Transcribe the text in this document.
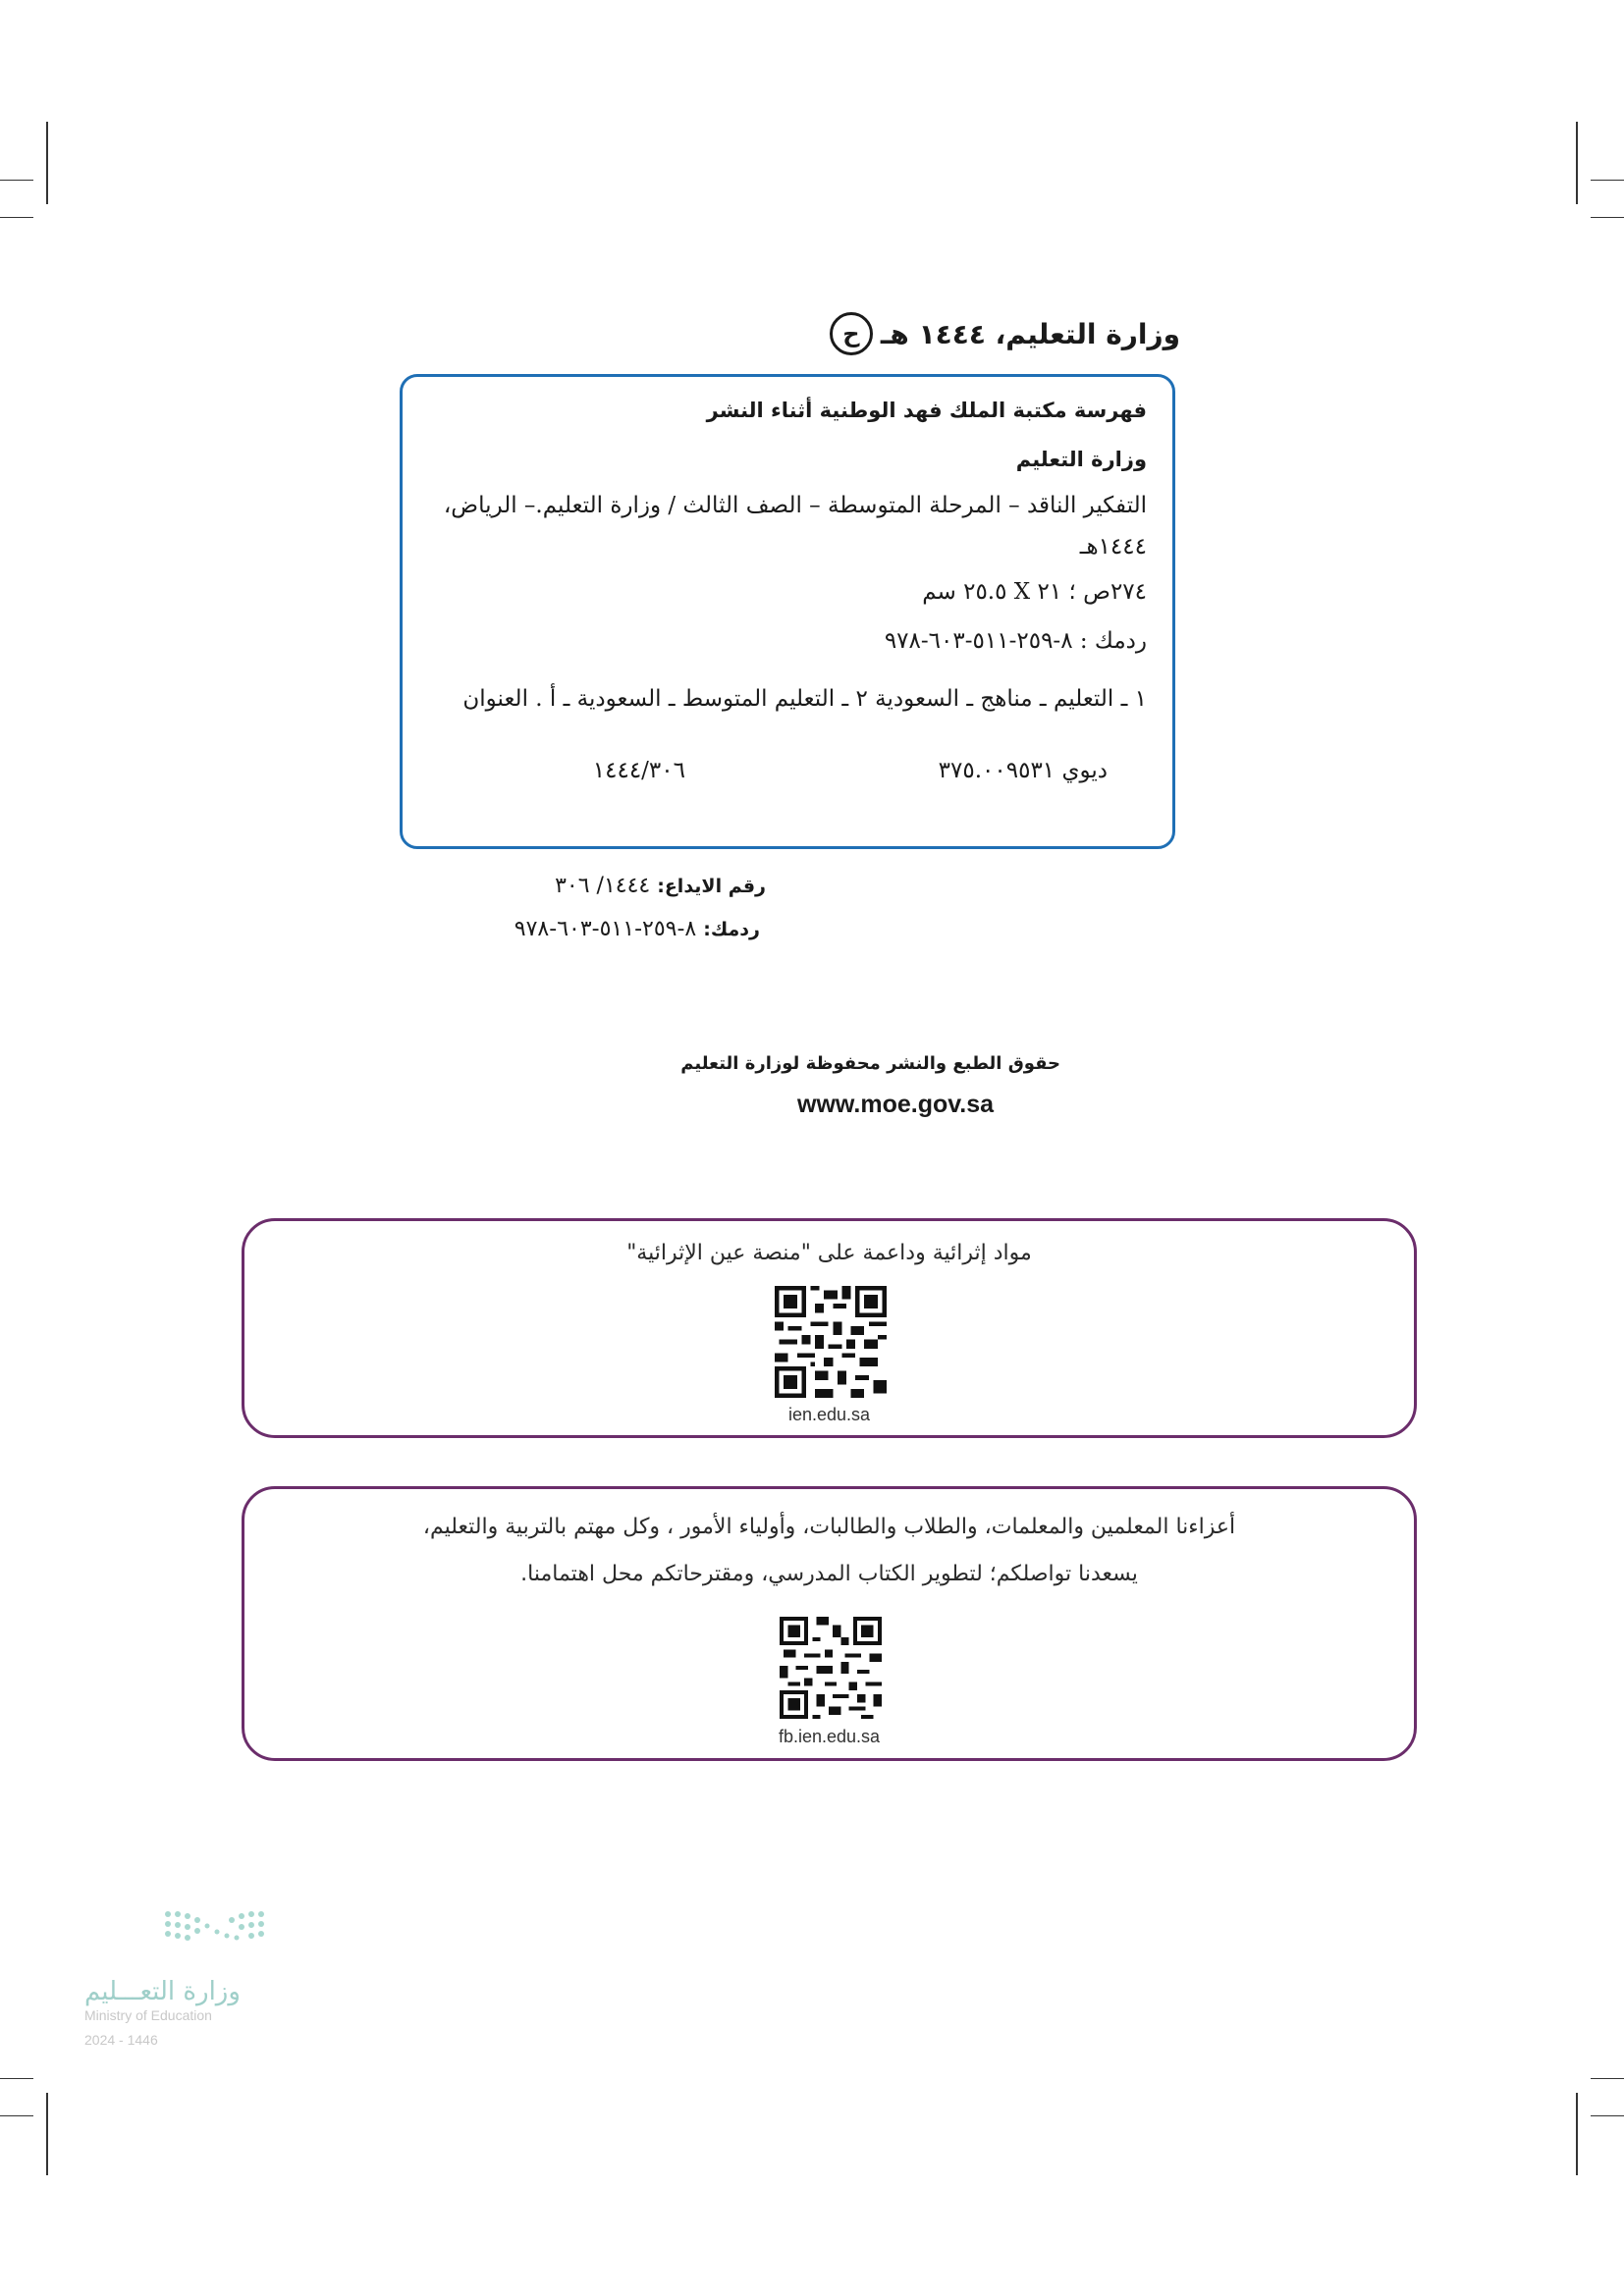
ح وزارة التعليم، ١٤٤٤ هـ
فهرسة مكتبة الملك فهد الوطنية أثناء النشر
وزارة التعليم
التفكير الناقد – المرحلة المتوسطة – الصف الثالث / وزارة التعليم.– الرياض،
١٤٤٤هـ
٢٧٤ص ؛ ٢١ X ٢٥.٥ سم
ردمك : ٨-٢٥٩-٥١١-٦٠٣-٩٧٨
١ ـ التعليم ـ مناهج ـ السعودية ٢ ـ التعليم المتوسط ـ السعودية ـ أ . العنوان
ديوي ٣٧٥.٠٠٩٥٣١
١٤٤٤/٣٠٦
رقم الايداع: ١٤٤٤/ ٣٠٦
ردمك: ٨-٢٥٩-٥١١-٦٠٣-٩٧٨
حقوق الطبع والنشر محفوظة لوزارة التعليم
www.moe.gov.sa
مواد إثرائية وداعمة على "منصة عين الإثرائية"
ien.edu.sa
أعزاءنا المعلمين والمعلمات، والطلاب والطالبات، وأولياء الأمور ، وكل مهتم بالتربية والتعليم،
يسعدنا تواصلكم؛ لتطوير الكتاب المدرسي، ومقترحاتكم محل اهتمامنا.
fb.ien.edu.sa
وزارة التعـــليم
Ministry of Education
2024 - 1446
